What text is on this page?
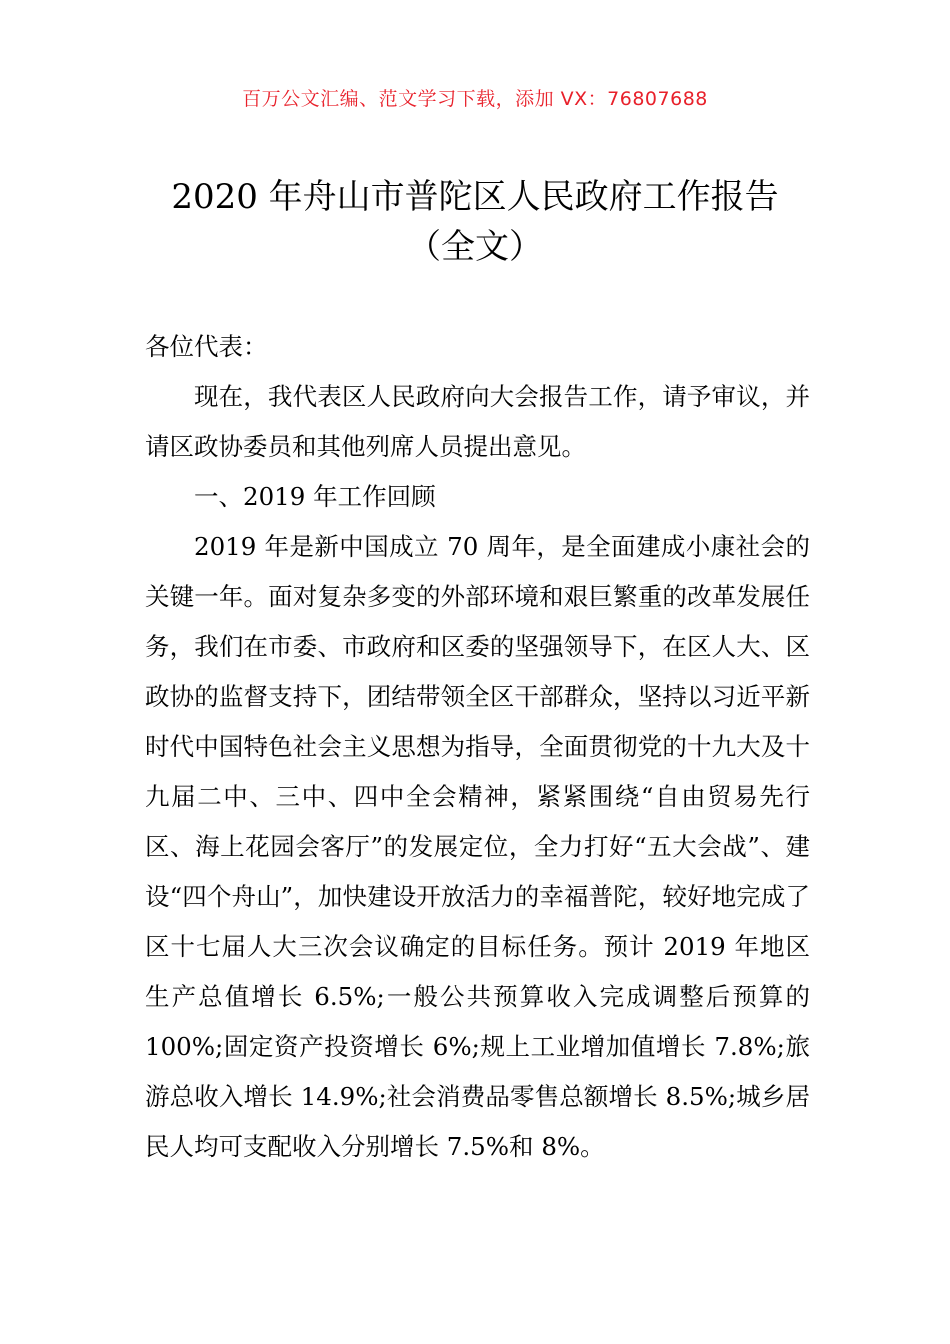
百万公文汇编、范文学习下载，添加 VX：76807688
2020 年舟山市普陀区人民政府工作报告
（全文）

各位代表：

现在，我代表区人民政府向大会报告工作，请予审议，并请区政协委员和其他列席人员提出意见。

一、2019 年工作回顾

2019 年是新中国成立 70 周年，是全面建成小康社会的关键一年。面对复杂多变的外部环境和艰巨繁重的改革发展任务，我们在市委、市政府和区委的坚强领导下，在区人大、区政协的监督支持下，团结带领全区干部群众，坚持以习近平新时代中国特色社会主义思想为指导，全面贯彻党的十九大及十九届二中、三中、四中全会精神，紧紧围绕“自由贸易先行区、海上花园会客厅”的发展定位，全力打好“五大会战”、建设“四个舟山”，加快建设开放活力的幸福普陀，较好地完成了区十七届人大三次会议确定的目标任务。预计 2019 年地区生产总值增长 6.5%;一般公共预算收入完成调整后预算的 100%;固定资产投资增长 6%;规上工业增加值增长 7.8%;旅游总收入增长 14.9%;社会消费品零售总额增长 8.5%;城乡居民人均可支配收入分别增长 7.5%和 8%。
